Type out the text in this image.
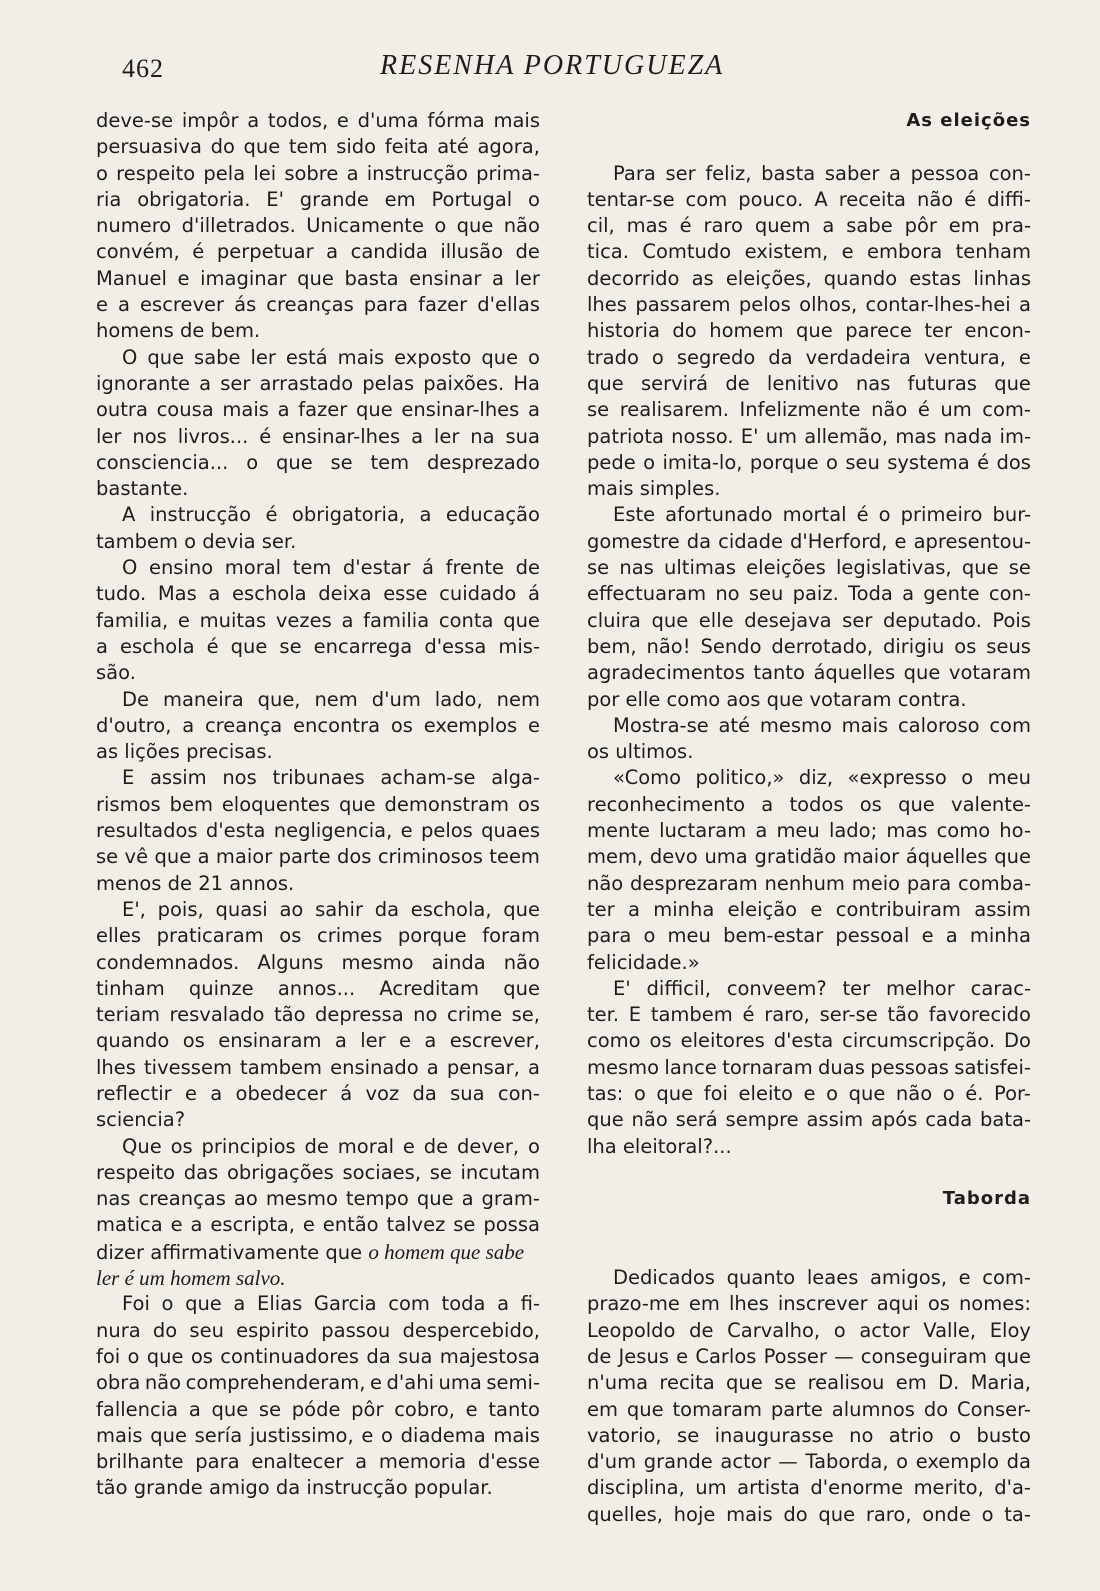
462	RESENHA PORTUGUEZA
deve-se impôr a todos, e d'uma fórma mais
persuasiva do que tem sido feita até agora,
o respeito pela lei sobre a instrucção prima-
ria obrigatoria. E' grande em Portugal o
numero d'illetrados. Unicamente o que não
convém, é perpetuar a candida illusão de
Manuel e imaginar que basta ensinar a ler
e a escrever ás creanças para fazer d'ellas
homens de bem.
O que sabe ler está mais exposto que o
ignorante a ser arrastado pelas paixões. Ha
outra cousa mais a fazer que ensinar-lhes a
ler nos livros... é ensinar-lhes a ler na sua
consciencia... o que se tem desprezado
bastante.
A instrucção é obrigatoria, a educação
tambem o devia ser.
O ensino moral tem d'estar á frente de
tudo. Mas a eschola deixa esse cuidado á
familia, e muitas vezes a familia conta que
a eschola é que se encarrega d'essa mis-
são.
De maneira que, nem d'um lado, nem
d'outro, a creança encontra os exemplos e
as lições precisas.
E assim nos tribunaes acham-se alga-
rismos bem eloquentes que demonstram os
resultados d'esta negligencia, e pelos quaes
se vê que a maior parte dos criminosos teem
menos de 21 annos.
E', pois, quasi ao sahir da eschola, que
elles praticaram os crimes porque foram
condemnados. Alguns mesmo ainda não
tinham quinze annos... Acreditam que
teriam resvalado tão depressa no crime se,
quando os ensinaram a ler e a escrever,
lhes tivessem tambem ensinado a pensar, a
reflectir e a obedecer á voz da sua con-
sciencia?
Que os principios de moral e de dever, o
respeito das obrigações sociaes, se incutam
nas creanças ao mesmo tempo que a gram-
matica e a escripta, e então talvez se possa
dizer affirmativamente que o homem que sabe
ler é um homem salvo.
Foi o que a Elias Garcia com toda a fi-
nura do seu espirito passou despercebido,
foi o que os continuadores da sua majestosa
obra não comprehenderam, e d'ahi uma semi-
fallencia a que se póde pôr cobro, e tanto
mais que sería justissimo, e o diadema mais
brilhante para enaltecer a memoria d'esse
tão grande amigo da instrucção popular.
As eleições
Para ser feliz, basta saber a pessoa con-
tentar-se com pouco. A receita não é diffi-
cil, mas é raro quem a sabe pôr em pra-
tica. Comtudo existem, e embora tenham
decorrido as eleições, quando estas linhas
lhes passarem pelos olhos, contar-lhes-hei a
historia do homem que parece ter encon-
trado o segredo da verdadeira ventura, e
que servirá de lenitivo nas futuras que
se realisarem. Infelizmente não é um com-
patriota nosso. E' um allemão, mas nada im-
pede o imita-lo, porque o seu systema é dos
mais simples.
Este afortunado mortal é o primeiro bur-
gomestre da cidade d'Herford, e apresentou-
se nas ultimas eleições legislativas, que se
effectuaram no seu paiz. Toda a gente con-
cluira que elle desejava ser deputado. Pois
bem, não! Sendo derrotado, dirigiu os seus
agradecimentos tanto áquelles que votaram
por elle como aos que votaram contra.
Mostra-se até mesmo mais caloroso com
os ultimos.
«Como politico,» diz, «expresso o meu
reconhecimento a todos os que valente-
mente luctaram a meu lado; mas como ho-
mem, devo uma gratidão maior áquelles que
não desprezaram nenhum meio para comba-
ter a minha eleição e contribuiram assim
para o meu bem-estar pessoal e a minha
felicidade.»
E' difficil, conveem? ter melhor carac-
ter. E tambem é raro, ser-se tão favorecido
como os eleitores d'esta circumscripção. Do
mesmo lance tornaram duas pessoas satisfei-
tas: o que foi eleito e o que não o é. Por-
que não será sempre assim após cada bata-
lha eleitoral?...
Taborda
Dedicados quanto leaes amigos, e com-
prazo-me em lhes inscrever aqui os nomes:
Leopoldo de Carvalho, o actor Valle, Eloy
de Jesus e Carlos Posser — conseguiram que
n'uma recita que se realisou em D. Maria,
em que tomaram parte alumnos do Conser-
vatorio, se inaugurasse no atrio o busto
d'um grande actor — Taborda, o exemplo da
disciplina, um artista d'enorme merito, d'a-
quelles, hoje mais do que raro, onde o ta-
